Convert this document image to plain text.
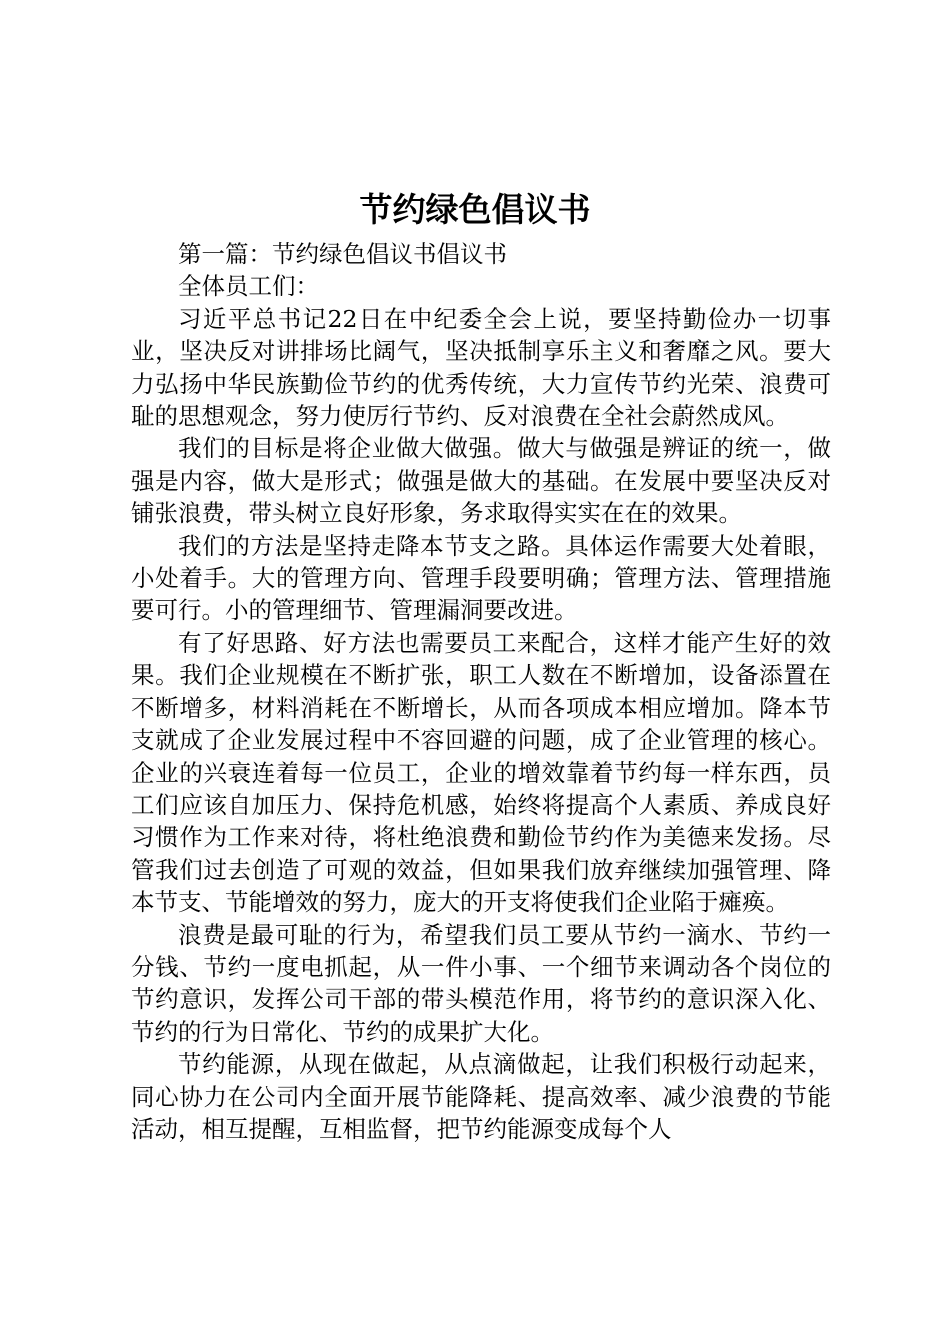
节约绿色倡议书

第一篇：节约绿色倡议书倡议书

全体员工们：

习近平总书记22日在中纪委全会上说，要坚持勤俭办一切事业，坚决反对讲排场比阔气，坚决抵制享乐主义和奢靡之风。要大力弘扬中华民族勤俭节约的优秀传统，大力宣传节约光荣、浪费可耻的思想观念，努力使厉行节约、反对浪费在全社会蔚然成风。

我们的目标是将企业做大做强。做大与做强是辨证的统一，做强是内容，做大是形式；做强是做大的基础。在发展中要坚决反对铺张浪费，带头树立良好形象，务求取得实实在在的效果。

我们的方法是坚持走降本节支之路。具体运作需要大处着眼，小处着手。大的管理方向、管理手段要明确；管理方法、管理措施要可行。小的管理细节、管理漏洞要改进。

有了好思路、好方法也需要员工来配合，这样才能产生好的效果。我们企业规模在不断扩张，职工人数在不断增加，设备添置在不断增多，材料消耗在不断增长，从而各项成本相应增加。降本节支就成了企业发展过程中不容回避的问题，成了企业管理的核心。企业的兴衰连着每一位员工，企业的增效靠着节约每一样东西，员工们应该自加压力、保持危机感，始终将提高个人素质、养成良好习惯作为工作来对待，将杜绝浪费和勤俭节约作为美德来发扬。尽管我们过去创造了可观的效益，但如果我们放弃继续加强管理、降本节支、节能增效的努力，庞大的开支将使我们企业陷于瘫痪。

浪费是最可耻的行为，希望我们员工要从节约一滴水、节约一分钱、节约一度电抓起，从一件小事、一个细节来调动各个岗位的节约意识，发挥公司干部的带头模范作用，将节约的意识深入化、节约的行为日常化、节约的成果扩大化。

节约能源，从现在做起，从点滴做起，让我们积极行动起来，同心协力在公司内全面开展节能降耗、提高效率、减少浪费的节能活动，相互提醒，互相监督，把节约能源变成每个人
